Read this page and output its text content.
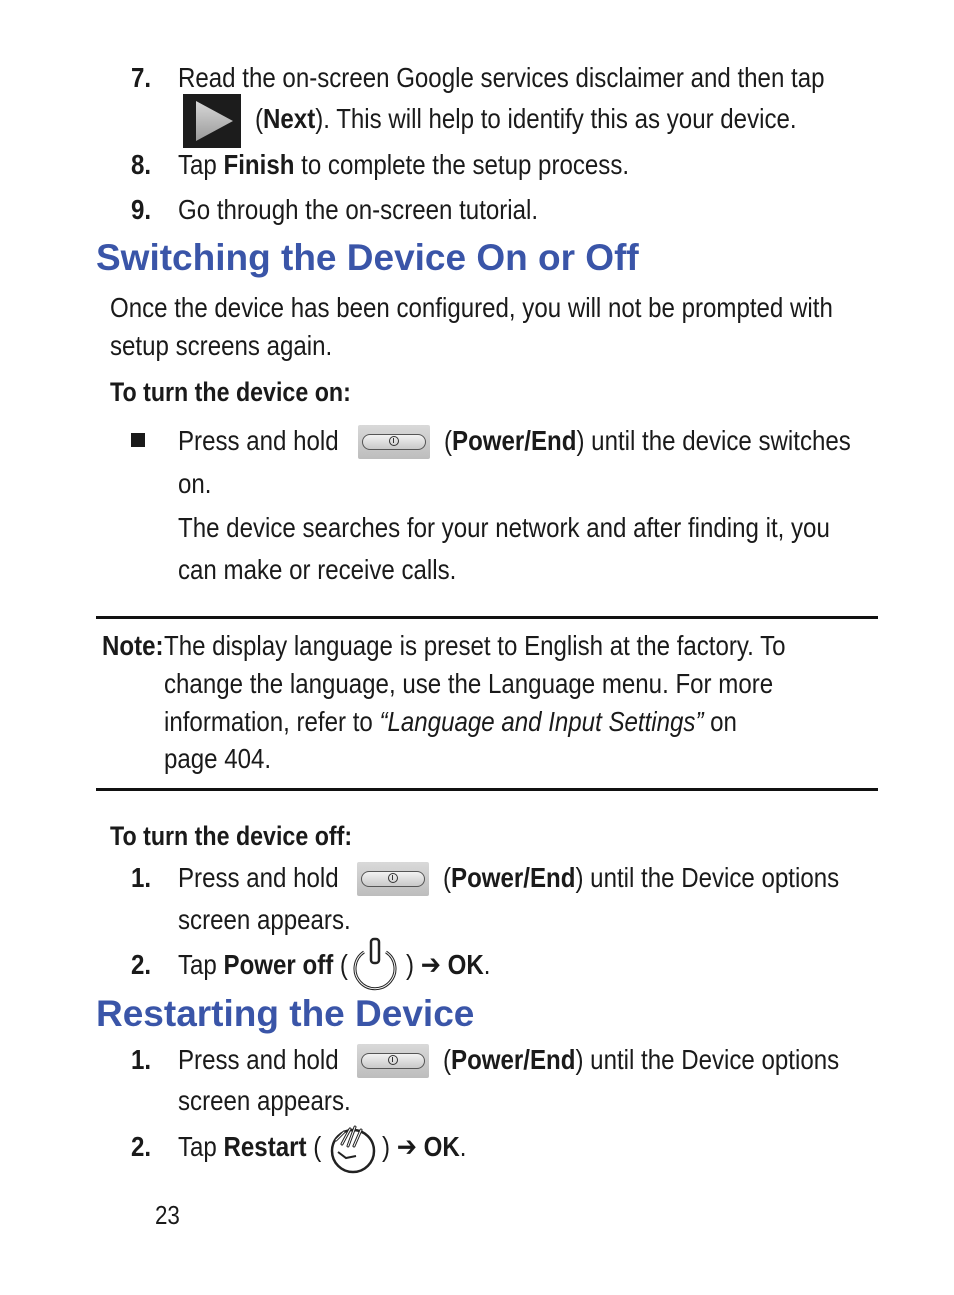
7. Read the on-screen Google services disclaimer and then tap
(Next). This will help to identify this as your device.
8. Tap Finish to complete the setup process.
9. Go through the on-screen tutorial.
Switching the Device On or Off
Once the device has been configured, you will not be prompted with
setup screens again.
To turn the device on:
Press and hold	(Power/End) until the device switches
on.
The device searches for your network and after finding it, you
can make or receive calls.
Note: The display language is preset to English at the factory. To
change the language, use the Language menu. For more
information, refer to “Language and Input Settings” on
page 404.
To turn the device off:
1. Press and hold	(Power/End) until the Device options
screen appears.
2. Tap Power off ( ) ➔ OK.
Restarting the Device
1. Press and hold	(Power/End) until the Device options
screen appears.
2. Tap Restart ( ) ➔ OK.
23
